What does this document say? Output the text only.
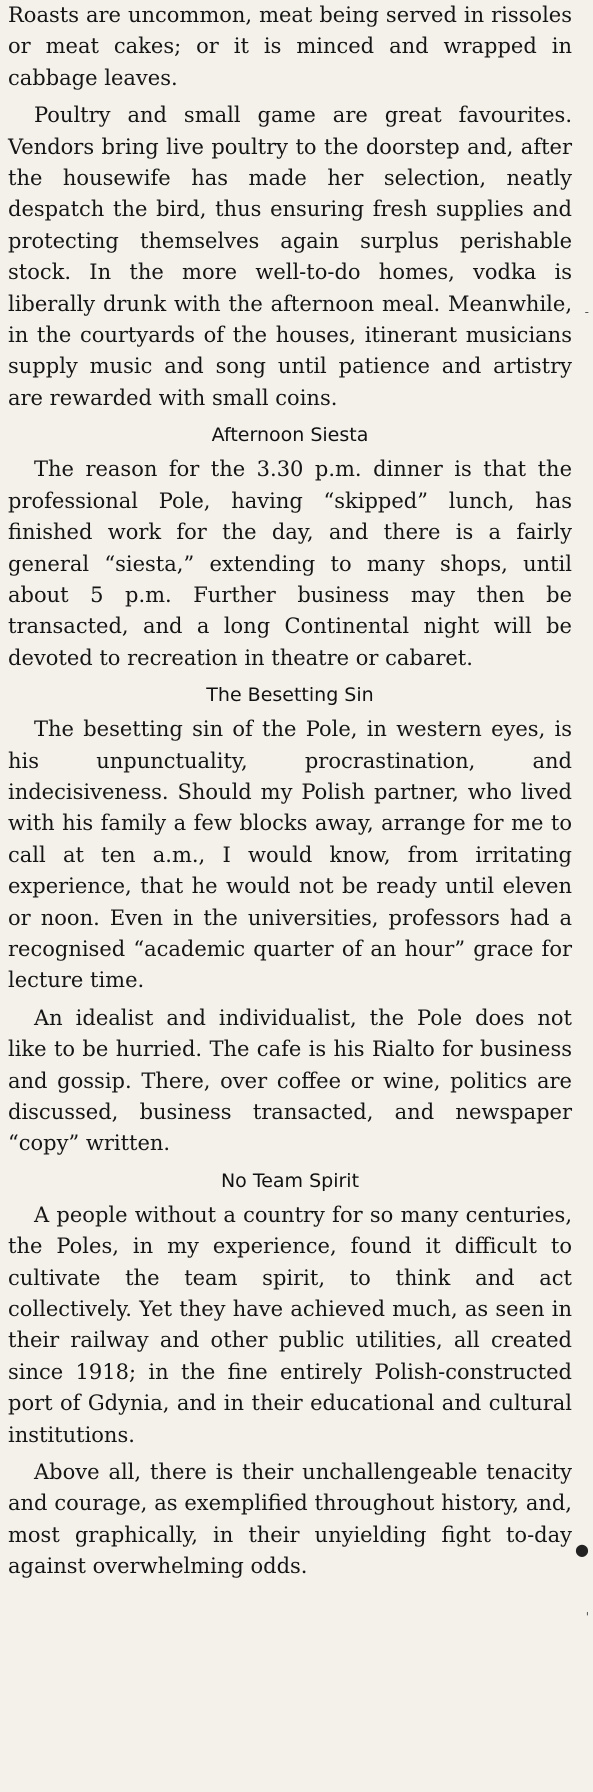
Roasts are uncommon, meat being served in rissoles or meat cakes; or it is minced and wrapped in cabbage leaves.

Poultry and small game are great favourites. Vendors bring live poultry to the doorstep and, after the housewife has made her selection, neatly despatch the bird, thus ensuring fresh supplies and protecting themselves again surplus perishable stock. In the more well-to-do homes, vodka is liberally drunk with the afternoon meal. Meanwhile, in the courtyards of the houses, itinerant musicians supply music and song until patience and artistry are rewarded with small coins.

Afternoon Siesta

The reason for the 3.30 p.m. dinner is that the professional Pole, having “skipped” lunch, has finished work for the day, and there is a fairly general “siesta,” extending to many shops, until about 5 p.m. Further business may then be transacted, and a long Continental night will be devoted to recreation in theatre or cabaret.

The Besetting Sin

The besetting sin of the Pole, in western eyes, is his unpunctuality, procrastination, and indecisiveness. Should my Polish partner, who lived with his family a few blocks away, arrange for me to call at ten a.m., I would know, from irritating experience, that he would not be ready until eleven or noon. Even in the universities, professors had a recognised “academic quarter of an hour” grace for lecture time.

An idealist and individualist, the Pole does not like to be hurried. The cafe is his Rialto for business and gossip. There, over coffee or wine, politics are discussed, business transacted, and newspaper “copy” written.

No Team Spirit

A people without a country for so many centuries, the Poles, in my experience, found it difficult to cultivate the team spirit, to think and act collectively. Yet they have achieved much, as seen in their railway and other public utilities, all created since 1918; in the fine entirely Polish-constructed port of Gdynia, and in their educational and cultural institutions.

Above all, there is their unchallengeable tenacity and courage, as exemplified throughout history, and, most graphically, in their unyielding fight to-day against overwhelming odds.

-
●
'
